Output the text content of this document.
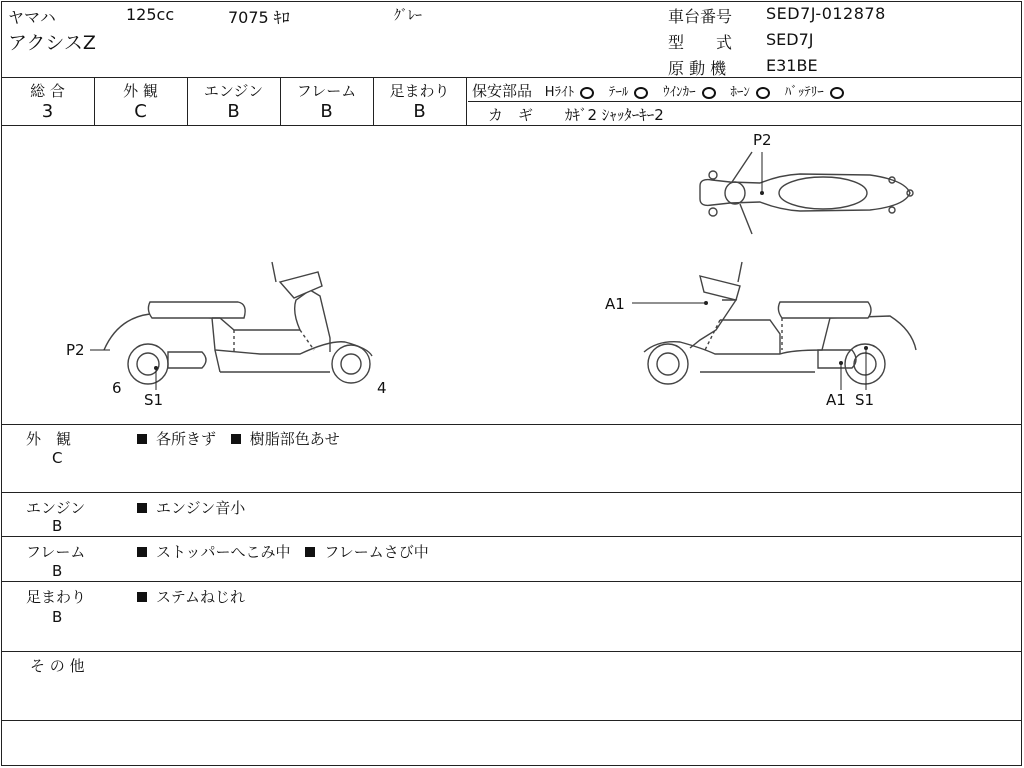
ヤマハ	125cc	7075 ｷﾛ	ｸﾞﾚｰ
アクシスZ
車台番号 SED7J-012878
型　　式 SED7J
原 動 機 E31BE
総 合	外 観	エンジン	フレーム	足まわり
3	C	B	B	B
保安部品 Hﾗｲﾄ	ﾃｰﾙ	ｳｲﾝｶｰ	ﾎｰﾝ	ﾊﾞｯﾃﾘｰ
カ　ギ ｶｷﾞ2 ｼｬｯﾀｰｷｰ2
P2
P2
6
S1
4
A1
A1 S1
外　観
C
各所きず 樹脂部色あせ
エンジン
B
エンジン音小
フレーム
B
ストッパーへこみ中 フレームさび中
足まわり
B
ステムねじれ
そ の 他
